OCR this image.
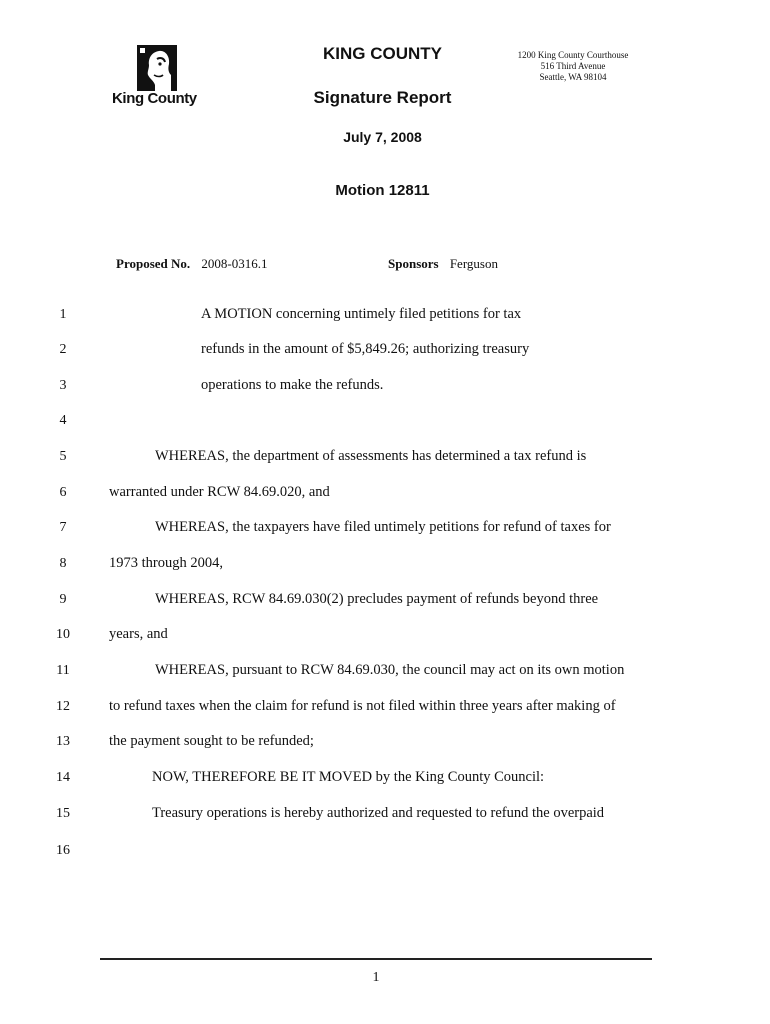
King County
KING COUNTY
Signature Report
July 7, 2008
Motion 12811
1200 King County Courthouse
516 Third Avenue
Seattle, WA 98104
Proposed No. 2008-0316.1	Sponsors Ferguson
1
2
3
4
5
6
7
8
9
10
11
12
13
14
15
16
A MOTION concerning untimely filed petitions for tax
refunds in the amount of $5,849.26; authorizing treasury
operations to make the refunds.
WHEREAS, the department of assessments has determined a tax refund is
warranted under RCW 84.69.020, and
WHEREAS, the taxpayers have filed untimely petitions for refund of taxes for
1973 through 2004,
WHEREAS, RCW 84.69.030(2) precludes payment of refunds beyond three
years, and
WHEREAS, pursuant to RCW 84.69.030, the council may act on its own motion
to refund taxes when the claim for refund is not filed within three years after making of
the payment sought to be refunded;
NOW, THEREFORE BE IT MOVED by the King County Council:
Treasury operations is hereby authorized and requested to refund the overpaid
1
